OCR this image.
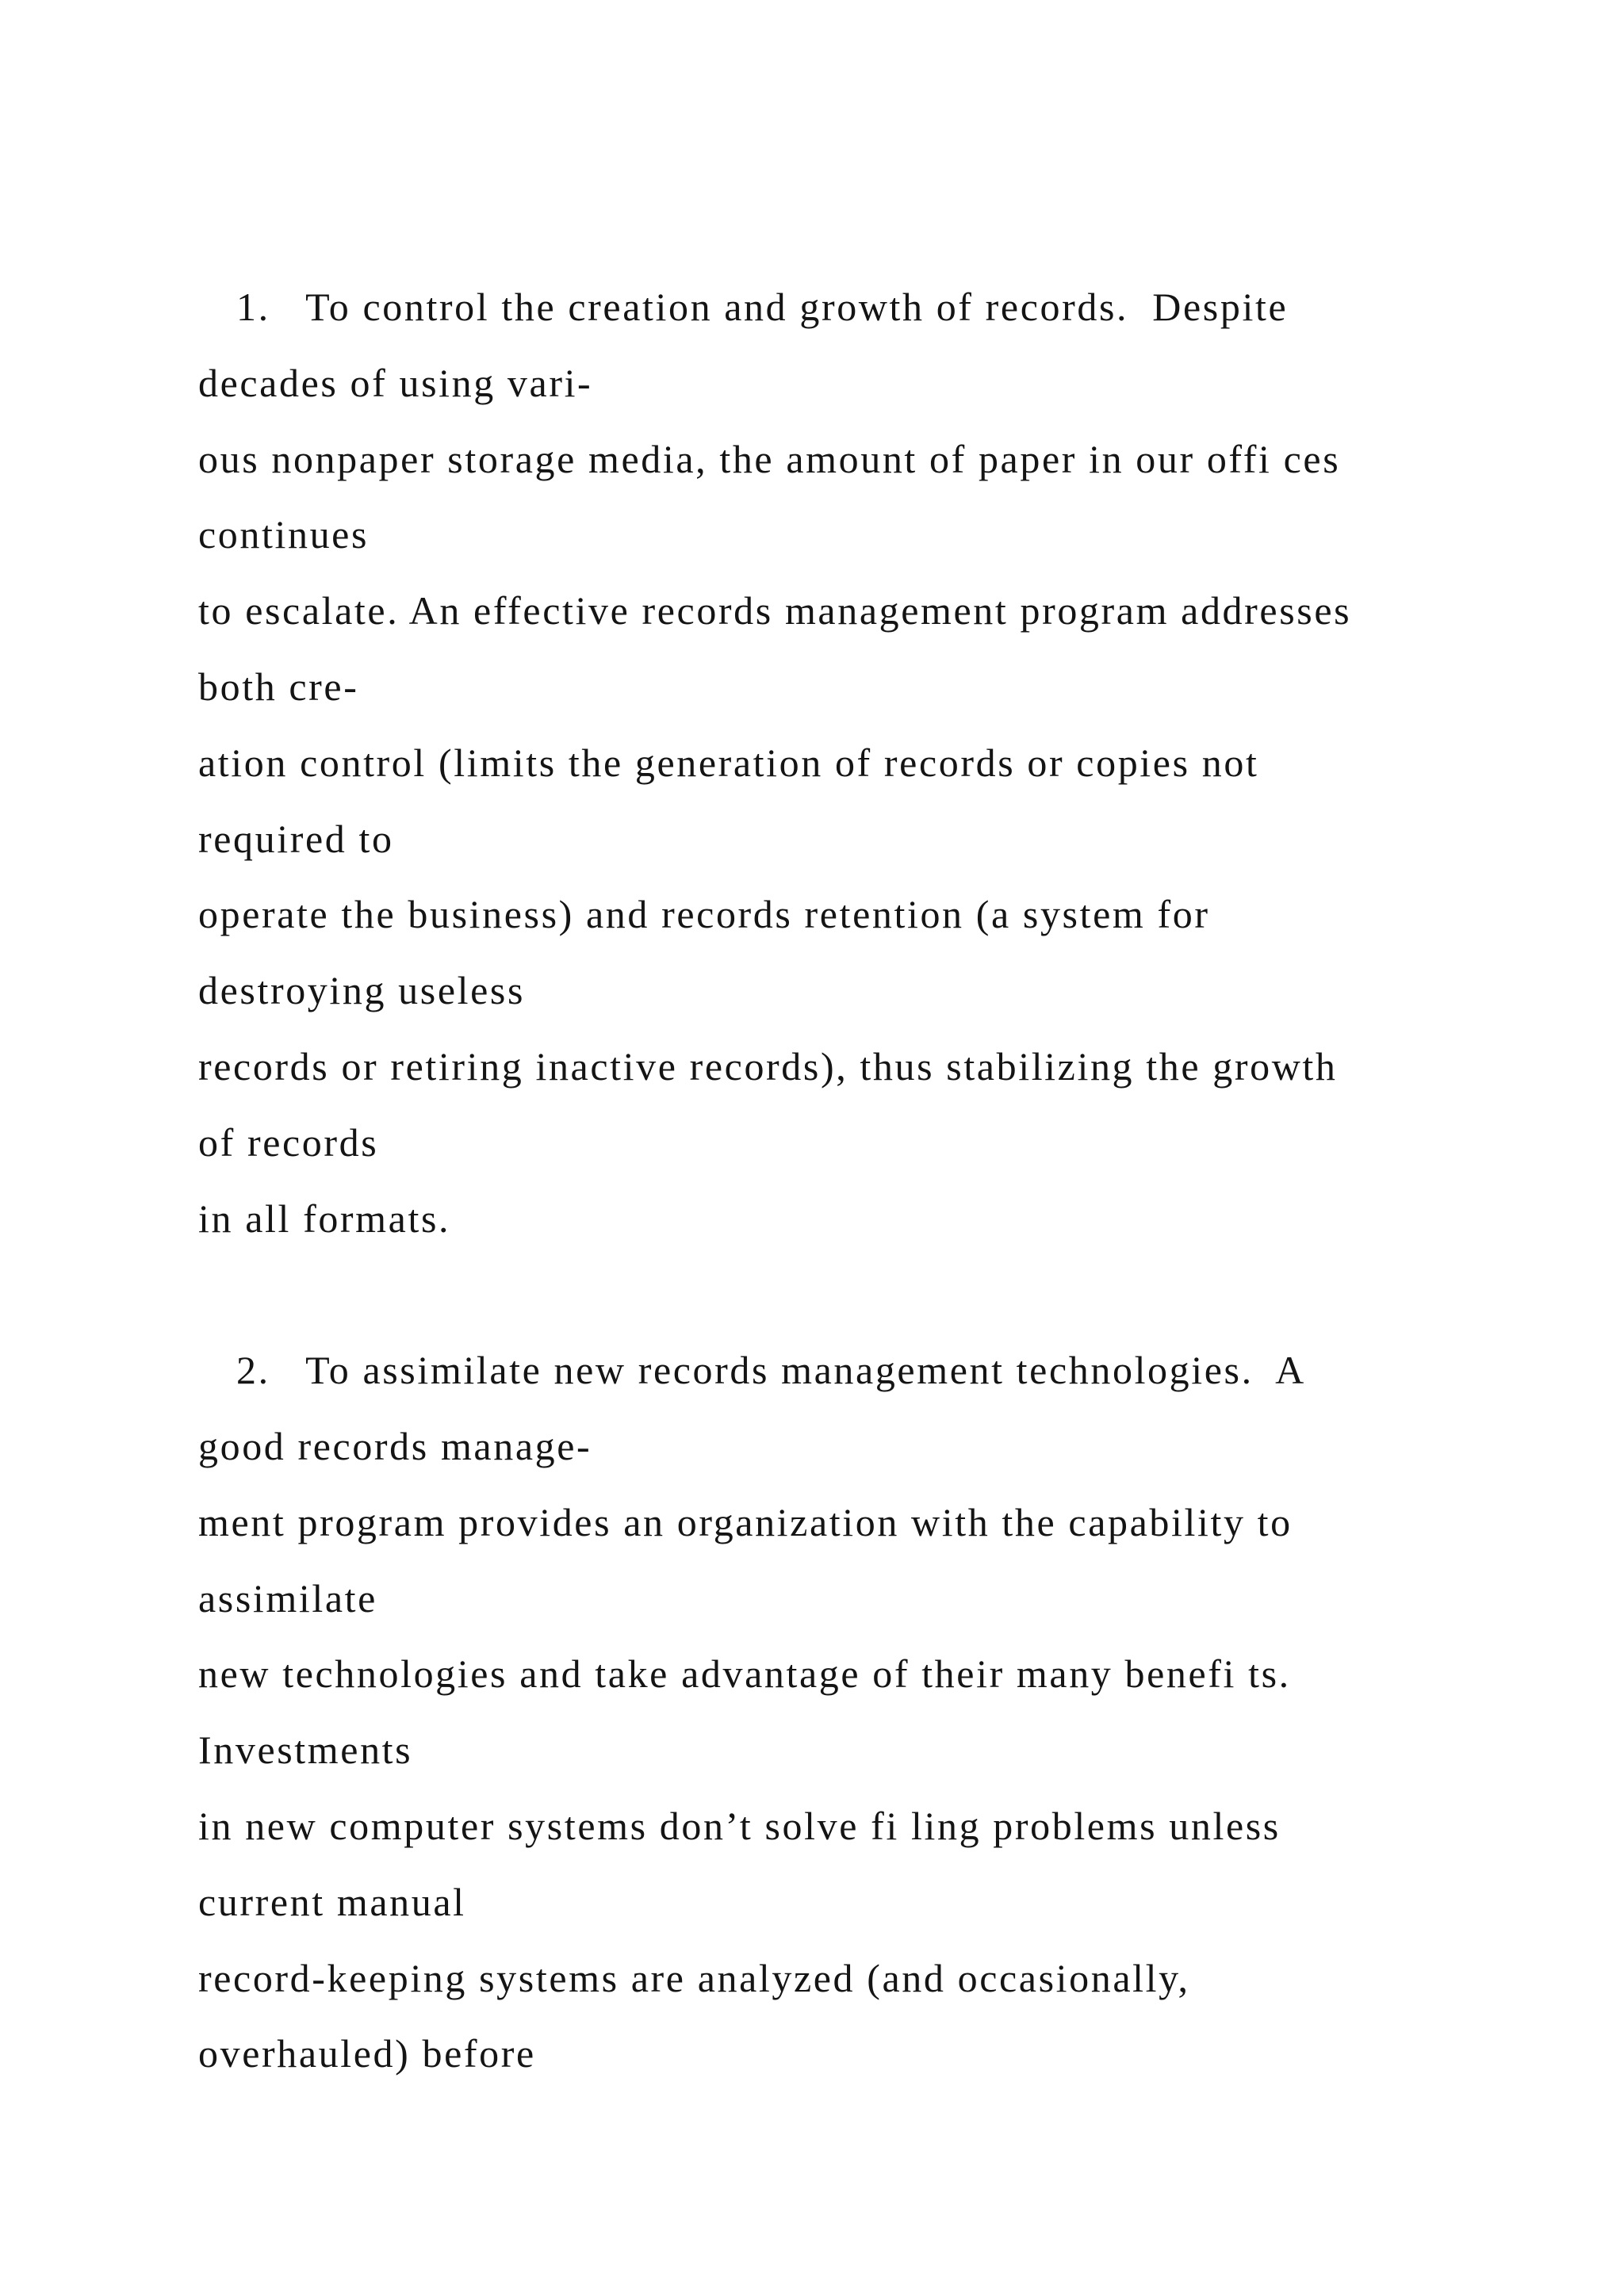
1.   To control the creation and growth of records.  Despite
decades of using vari-
ous nonpaper storage media, the amount of paper in our offi ces
continues
to escalate. An effective records management program addresses
both cre-
ation control (limits the generation of records or copies not
required to
operate the business) and records retention (a system for
destroying useless
records or retiring inactive records), thus stabilizing the growth
of records
in all formats.
2.   To assimilate new records management technologies.  A
good records manage-
ment program provides an organization with the capability to
assimilate
new technologies and take advantage of their many benefi ts.
Investments
in new computer systems don’t solve fi ling problems unless
current manual
record-keeping systems are analyzed (and occasionally,
overhauled) before
